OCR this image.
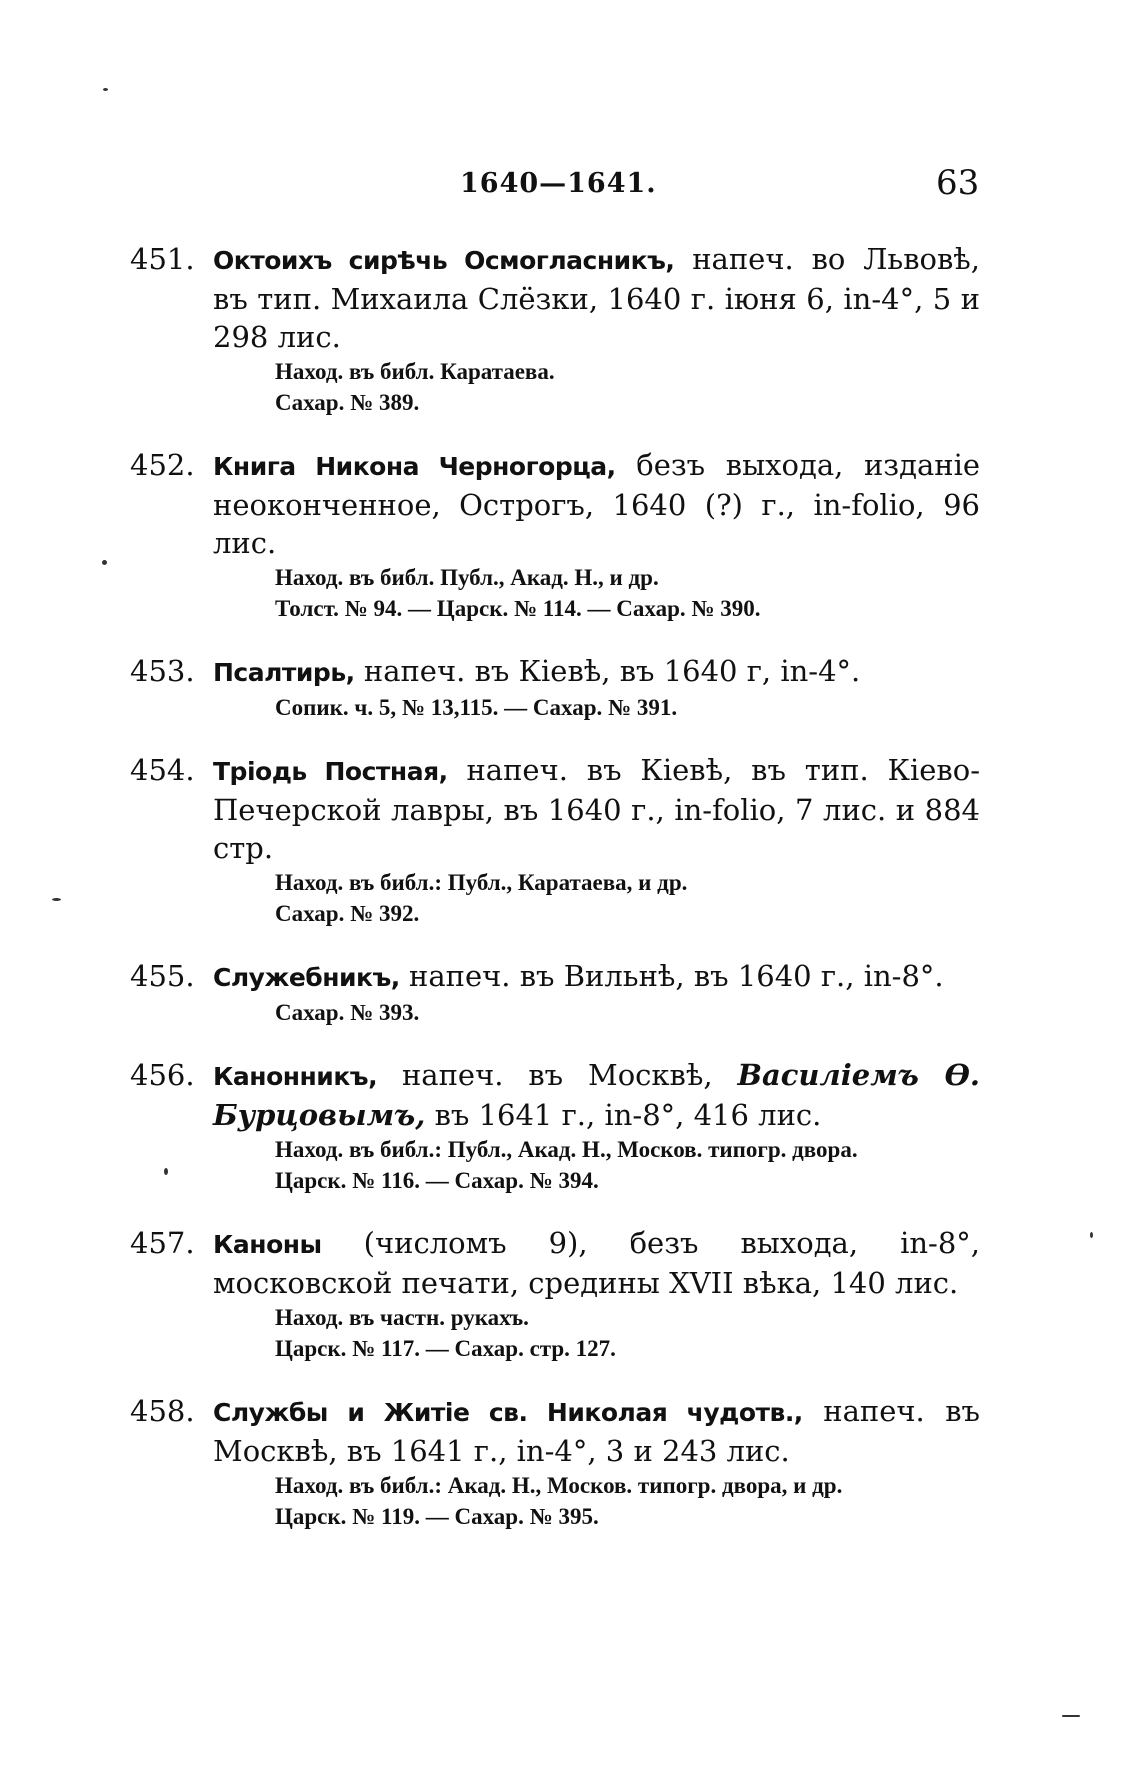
1640—1641.	63
451. Октоихъ сирѣчь Осмогласникъ, напеч. во Львовѣ, въ тип. Михаила Слёзки, 1640 г. іюня 6, in-4°, 5 и 298 лис.
Наход. въ библ. Каратаева.
Сахар. № 389.
452. Книга Никона Черногорца, безъ выхода, изданіе неоконченное, Острогъ, 1640 (?) г., in-folio, 96 лис.
Наход. въ библ. Публ., Акад. Н., и др.
Толст. № 94. — Царск. № 114. — Сахар. № 390.
453. Псалтирь, напеч. въ Кіевѣ, въ 1640 г, in-4°.
Сопик. ч. 5, № 13,115. — Сахар. № 391.
454. Тріодь Постная, напеч. въ Кіевѣ, въ тип. Кіево-Печерской лавры, въ 1640 г., in-folio, 7 лис. и 884 стр.
Наход. въ библ.: Публ., Каратаева, и др.
Сахар. № 392.
455. Служебникъ, напеч. въ Вильнѣ, въ 1640 г., in-8°.
Сахар. № 393.
456. Канонникъ, напеч. въ Москвѣ, Василіемъ Ѳ. Бурцовымъ, въ 1641 г., in-8°, 416 лис.
Наход. въ библ.: Публ., Акад. Н., Москов. типогр. двора.
Царск. № 116. — Сахар. № 394.
457. Каноны (числомъ 9), безъ выхода, in-8°, московской печати, средины XVII вѣка, 140 лис.
Наход. въ частн. рукахъ.
Царск. № 117. — Сахар. стр. 127.
458. Службы и Житіе св. Николая чудотв., напеч. въ Москвѣ, въ 1641 г., in-4°, 3 и 243 лис.
Наход. въ библ.: Акад. Н., Москов. типогр. двора, и др.
Царск. № 119. — Сахар. № 395.
